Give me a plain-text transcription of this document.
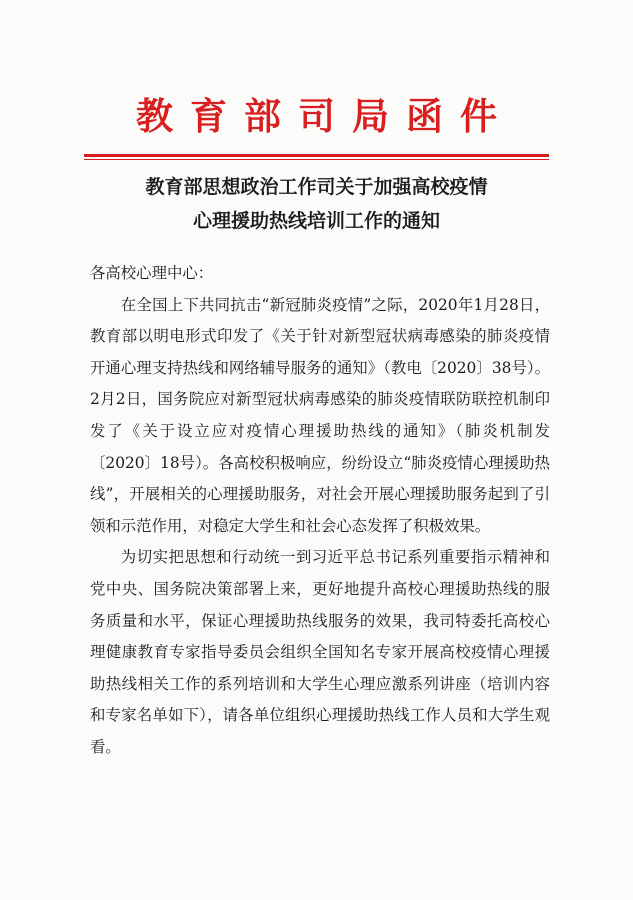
教育部司局函件
教育部思想政治工作司关于加强高校疫情
心理援助热线培训工作的通知
各高校心理中心：

在全国上下共同抗击“新冠肺炎疫情”之际，2020年1月28日，教育部以明电形式印发了《关于针对新型冠状病毒感染的肺炎疫情 开通心理支持热线和网络辅导服务的通知》（教电〔2020〕38号）。2月2日，国务院应对新型冠状病毒感染的肺炎疫情联防联控机制印发了《关于设立应对疫情心理援助热线的通知》（肺炎机制发〔2020〕18号）。各高校积极响应，纷纷设立“肺炎疫情心理援助热线”，开展相关的心理援助服务，对社会开展心理援助服务起到了引领和示范作用，对稳定大学生和社会心态发挥了积极效果。

为切实把思想和行动统一到习近平总书记系列重要指示精神和党中央、国务院决策部署上来，更好地提升高校心理援助热线的服务质量和水平，保证心理援助热线服务的效果，我司特委托高校心理健康教育专家指导委员会组织全国知名专家开展高校疫情心理援助热线相关工作的系列培训和大学生心理应激系列讲座（培训内容和专家名单如下），请各单位组织心理援助热线工作人员和大学生观看。
